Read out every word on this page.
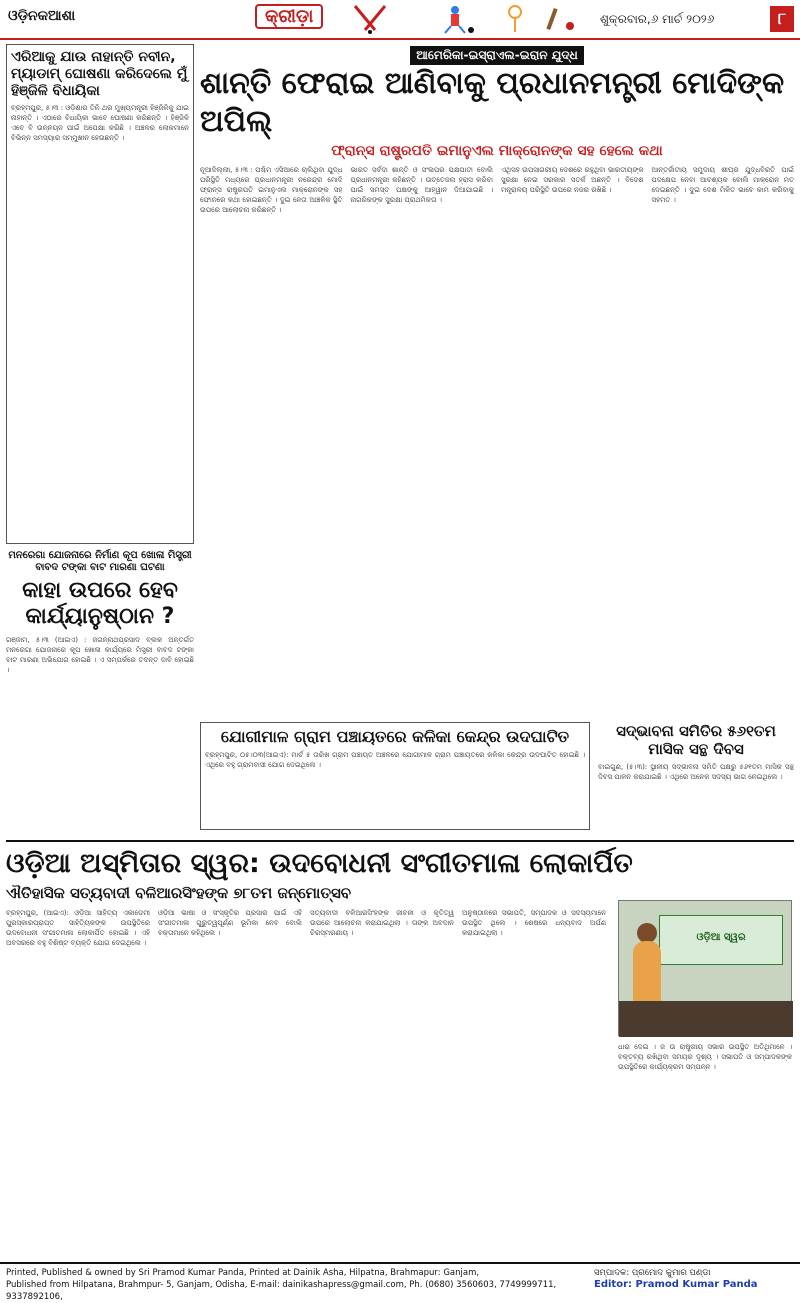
ଓଡ଼ିନକଆଶା	କ୍ରୀଡ଼ା	ଶୁକ୍ରବାର,୬ ମାର୍ଚ ୨୦୨୬	୮
ଏରିଆକୁ ଯାଉ ନାହାନ୍ତି ନବୀନ, ମ୍ୟାଡାମ୍ ଘୋଷଣା କରିଦେଲେ ମୁଁ ହିଞ୍ଜିଳି ବିଧାୟିକା
ବ୍ରହ୍ମପୁର, ୫।୩ : ଓଡ଼ିଶାର ତିନି ଥର ମୁଖ୍ୟମନ୍ତ୍ରୀ ହିଞ୍ଜିଳିକୁ ଯାଇ ନାହାନ୍ତି । ଏଠାରେ ବିଧାୟିକା ଭାବେ ଘୋଷଣା କରିଛନ୍ତି । ହିଞ୍ଜିଳି ଏବେ ବି ଉନ୍ନୟନ ପାଇଁ ଅପେକ୍ଷା କରିଛି । ଅଞ୍ଚଳର ଲୋକମାନେ ବିଭିନ୍ନ ସମସ୍ୟାର ସମ୍ମୁଖୀନ ହେଉଛନ୍ତି ।
ମନରେଗା ଯୋଜନାରେ ନିର୍ମାଣ କୂପ ଖୋଳା ମିସ୍ତ୍ରୀ ବାବଦ ଟଙ୍କା ବାଟ ମାରଣା ଘଟଣା
କାହା ଉପରେ ହେବ କାର୍ଯ୍ୟାନୁଷ୍ଠାନ ?
ଗଞ୍ଜାମ, ୫।୩ (ଆଇଏ) : ଜଗନ୍ନାଥପ୍ରସାଦ ବ୍ଲକ ଅନ୍ତର୍ଗତ ମନରେଗା ଯୋଜନାରେ କୂପ ଖୋଳା କାର୍ଯ୍ୟରେ ମିସ୍ତ୍ରୀ ବାବଦ ଟଙ୍କା ବାଟ ମାରଣା ଅଭିଯୋଗ ହୋଇଛି । ଏ ସମ୍ପର୍କରେ ତଦନ୍ତ ଦାବି ହୋଇଛି ।
ଆମେରିକା-ଇସ୍ରାଏଲ-ଇରାନ ଯୁଦ୍ଧ
ଶାନ୍ତି ଫେରାଇ ଆଣିବାକୁ ପ୍ରଧାନମନ୍ତ୍ରୀ ମୋଦିଙ୍କ ଅପିଲ୍
ଫ୍ରାନ୍ସ ରାଷ୍ଟ୍ରପତି ଇମାନୁଏଲ ମାକ୍ରୋନଙ୍କ ସହ ହେଲେ କଥା
ନୂଆଦିଲ୍ଲୀ, ୫।୩ : ପଶ୍ଚିମ ଏସିଆରେ ଚାଲିଥିବା ଯୁଦ୍ଧ ପରିସ୍ଥିତି ମଧ୍ୟରେ ପ୍ରଧାନମନ୍ତ୍ରୀ ନରେନ୍ଦ୍ର ମୋଦି ଫ୍ରାନ୍ସ ରାଷ୍ଟ୍ରପତି ଇମାନୁଏଲ ମାକ୍ରୋନଙ୍କ ସହ ଫୋନରେ କଥା ହୋଇଛନ୍ତି । ଦୁଇ ନେତା ଆଞ୍ଚଳିକ ସ୍ଥିତି ଉପରେ ଆଲୋଚନା କରିଛନ୍ତି ।
ଭାରତ ସର୍ବଦା ଶାନ୍ତି ଓ ସଂଳାପର ପକ୍ଷପାତୀ ବୋଲି ପ୍ରଧାନମନ୍ତ୍ରୀ କହିଛନ୍ତି । ଉତ୍ତେଜନା ହ୍ରାସ କରିବା ପାଇଁ ସମସ୍ତ ପକ୍ଷଙ୍କୁ ଆହ୍ୱାନ ଦିଆଯାଇଛି । ନାଗରିକଙ୍କ ସୁରକ୍ଷା ପ୍ରାଥମିକତା ।
ଏଥିସହ ଉପସାଗରୀୟ ଦେଶରେ ରହୁଥିବା ଭାରତୀୟଙ୍କ ସୁରକ୍ଷା ନେଇ ସରକାର ସତର୍କ ଅଛନ୍ତି । ବିଦେଶ ମନ୍ତ୍ରାଳୟ ପରିସ୍ଥିତି ଉପରେ ନଜର ରଖିଛି ।
ଆନ୍ତର୍ଜାତୀୟ ସମୁଦାୟ ଶୀଘ୍ର ଯୁଦ୍ଧବିରତି ପାଇଁ ପଦକ୍ଷେପ ନେବା ଆବଶ୍ୟକ ବୋଲି ମାକ୍ରୋନ ମତ ଦେଇଛନ୍ତି । ଦୁଇ ଦେଶ ମିଳିତ ଭାବେ କାମ କରିବାକୁ ସହମତ ।
ଯୋଗୀମାଳ ଗ୍ରାମ ପଞ୍ଚାୟତରେ କଳିକା କେନ୍ଦ୍ର ଉଦଘାଟିତ
ବ୍ରହ୍ମପୁର, ୦୫।୦୩(ଆଇଏ): ମାର୍ଚ ୫ ତାରିଖ ଗ୍ରାମ ପଞ୍ଚାୟତ ଅଞ୍ଚଳରେ ଯୋଗୀମାଳ ଗ୍ରାମ ପଞ୍ଚାୟତରେ କଳିକା କେନ୍ଦ୍ର ଉଦଘାଟିତ ହୋଇଛି । ଏଥିରେ ବହୁ ଗ୍ରାମବାସୀ ଯୋଗ ଦେଇଥିଲେ ।
ସଦ୍‌ଭାବନା ସମିତିର ୫୬୧ତମ ମାସିକ ସନ୍ଥ ଦିବସ
ବାଇଗୁଣ, (୫।୩): ସ୍ଥାନୀୟ ସଦ୍‌ଭାବନା ସମିତି ପକ୍ଷରୁ ୫୬୧ତମ ମାସିକ ସନ୍ଥ ଦିବସ ପାଳନ କରାଯାଇଛି । ଏଥିରେ ଅନେକ ସଦସ୍ୟ ଭାଗ ନେଇଥିଲେ ।
ଓଡ଼ିଆ ଅସ୍ମିତାର ସ୍ୱର: ଉଦବୋଧନୀ ସଂଗୀତମାଳା ଲୋକାର୍ପିତ
ଐତିହାସିକ ସତ୍ୟବାଦୀ ବଳିଆରସିଂହଙ୍କ ୭୮ତମ ଜନ୍ମୋତ୍ସବ
ବ୍ରହ୍ମପୁର, (ଆଇଏ): ଓଡ଼ିଆ ସାହିତ୍ୟ ଏକାଡେମୀ ପୁରସ୍କାରପ୍ରାପ୍ତ ସାହିତ୍ୟିକଙ୍କ ଉପସ୍ଥିତିରେ ଉଦବୋଧନୀ ସଂଗୀତମାଳା ଲୋକାର୍ପିତ ହୋଇଛି । ଏହି ଅବସରରେ ବହୁ ବିଶିଷ୍ଟ ବ୍ୟକ୍ତି ଯୋଗ ଦେଇଥିଲେ ।
ଓଡ଼ିଆ ଭାଷା ଓ ସଂସ୍କୃତିର ପ୍ରସାର ପାଇଁ ଏହି ସଂଗୀତମାଳା ଗୁରୁତ୍ୱପୂର୍ଣ୍ଣ ଭୂମିକା ନେବ ବୋଲି ବକ୍ତାମାନେ କହିଥିଲେ ।
ସତ୍ୟବାଦୀ ବଳିଆରସିଂହଙ୍କ ଜୀବନୀ ଓ କୃତିତ୍ୱ ଉପରେ ଆଲୋଚନା କରାଯାଇଥିଲା । ତାଙ୍କ ଅବଦାନ ଚିରସ୍ମରଣୀୟ ।
ଅନୁଷ୍ଠାନରେ ସଭାପତି, ସମ୍ପାଦକ ଓ ସଦସ୍ୟମାନେ ଉପସ୍ଥିତ ଥିଲେ । ଶେଷରେ ଧନ୍ୟବାଦ ଅର୍ପଣ କରାଯାଇଥିଲା ।	ଓଡ଼ିଆ ସ୍ୱର
ଧାରା ଦେଇ । ଜ ଉ ରାଷ୍ଟ୍ରୀୟ ସଭାର ଉପସ୍ଥିତ ଅତିଥିମାନେ । ବକ୍ତବ୍ୟ ରଖିଥିବା ସମୟର ଦୃଶ୍ୟ । ସଭାପତି ଓ ସମ୍ପାଦକଙ୍କ ଉପସ୍ଥିତିରେ କାର୍ଯ୍ୟକ୍ରମ ସମ୍ପନ୍ନ ।
Printed, Published & owned by Sri Pramod Kumar Panda, Printed at Dainik Asha, Hilpatna, Brahmapur: Ganjam,
Published from Hilpatana, Brahmpur- 5, Ganjam, Odisha, E-mail: dainikashapress@gmail.com, Ph. (0680) 3560603, 7749999711, 9337892106,
ସମ୍ପାଦକ: ପ୍ରମୋଦ କୁମାର ପଣ୍ଡା
Editor: Pramod Kumar Panda
